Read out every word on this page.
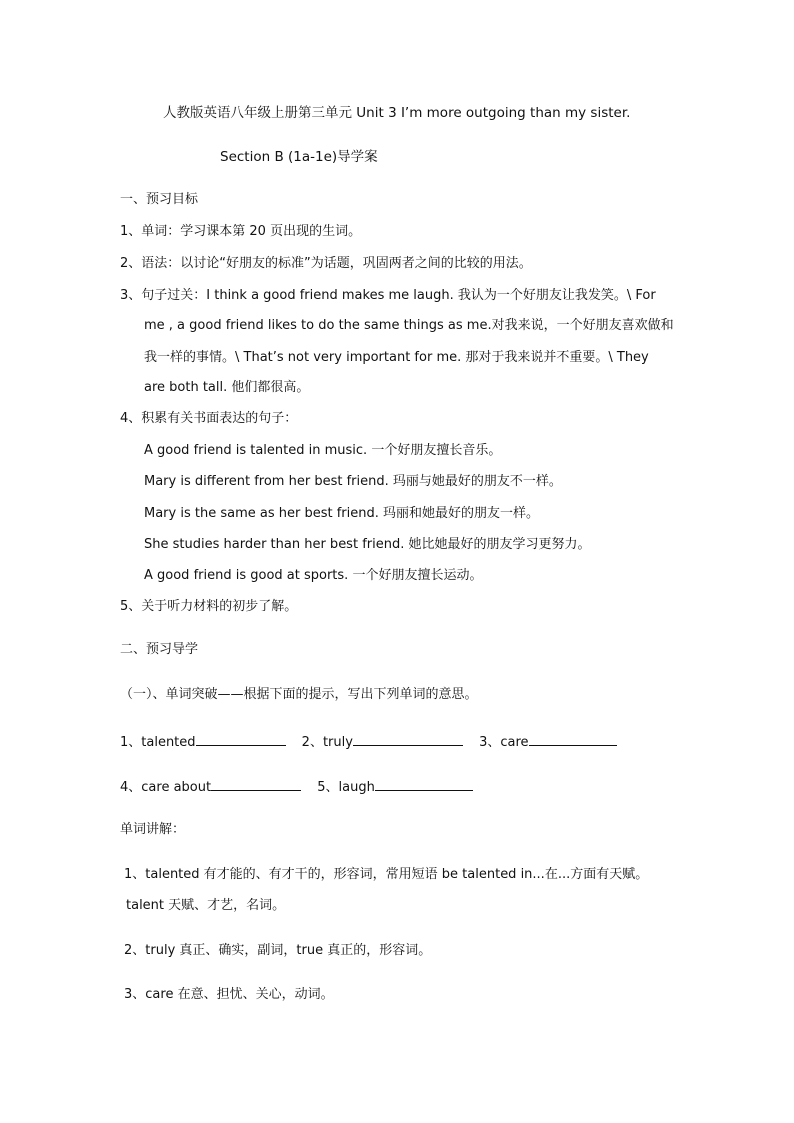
人教版英语八年级上册第三单元 Unit 3 I’m more outgoing than my sister.
Section B (1a-1e)导学案
一、预习目标
1、单词：学习课本第 20 页出现的生词。
2、语法：以讨论“好朋友的标准”为话题，巩固两者之间的比较的用法。
3、句子过关：I think a good friend makes me laugh. 我认为一个好朋友让我发笑。\ For
me , a good friend likes to do the same things as me.对我来说，一个好朋友喜欢做和
我一样的事情。\ That’s not very important for me. 那对于我来说并不重要。\ They
are both tall. 他们都很高。
4、积累有关书面表达的句子：
A good friend is talented in music. 一个好朋友擅长音乐。
Mary is different from her best friend. 玛丽与她最好的朋友不一样。
Mary is the same as her best friend. 玛丽和她最好的朋友一样。
She studies harder than her best friend. 她比她最好的朋友学习更努力。
A good friend is good at sports. 一个好朋友擅长运动。
5、关于听力材料的初步了解。
二、预习导学
（一）、单词突破——根据下面的提示，写出下列单词的意思。
1、talented	2、truly	3、care
4、care about	5、laugh
单词讲解：
1、talented 有才能的、有才干的，形容词，常用短语 be talented in...在...方面有天赋。
talent 天赋、才艺，名词。
2、truly 真正、确实，副词，true 真正的，形容词。
3、care 在意、担忧、关心，动词。
